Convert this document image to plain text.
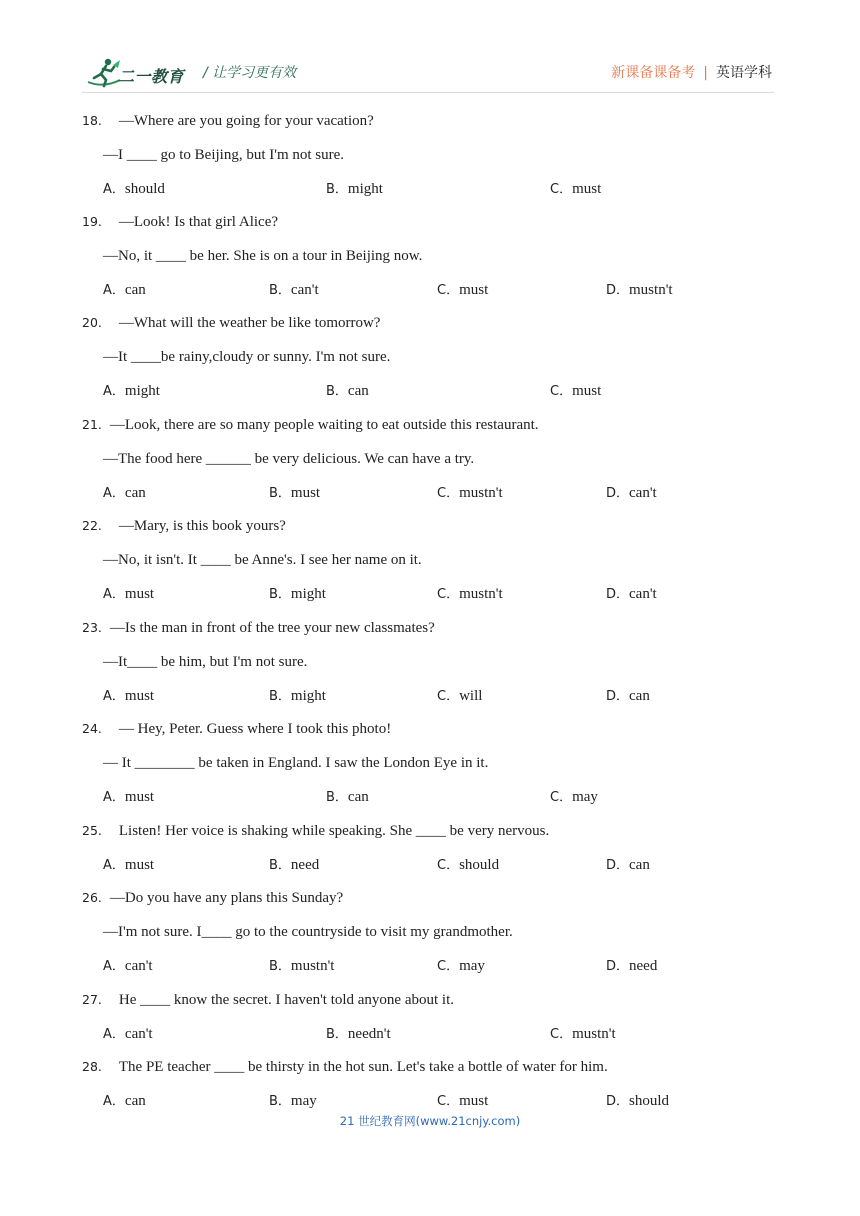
二一教育 / 让学习更有效	新课备课备考 | 英语学科
18. —Where are you going for your vacation?
—I ____ go to Beijing, but I'm not sure.
A．should	B．might	C．must
19. —Look! Is that girl Alice?
—No, it ____ be her. She is on a tour in Beijing now.
A．can	B．can't	C．must	D．mustn't
20. —What will the weather be like tomorrow?
—It ____be rainy,cloudy or sunny. I'm not sure.
A．might	B．can	C．must
21. —Look, there are so many people waiting to eat outside this restaurant.
—The food here ______ be very delicious. We can have a try.
A．can	B．must	C．mustn't	D．can't
22. —Mary, is this book yours?
—No, it isn't. It ____ be Anne's. I see her name on it.
A．must	B．might	C．mustn't	D．can't
23. —Is the man in front of the tree your new classmates?
—It____ be him, but I'm not sure.
A．must	B．might	C．will	D．can
24. — Hey, Peter. Guess where I took this photo!
— It ________ be taken in England. I saw the London Eye in it.
A．must	B．can	C．may
25. Listen! Her voice is shaking while speaking. She ____ be very nervous.
A．must	B．need	C．should	D．can
26. —Do you have any plans this Sunday?
—I'm not sure. I____ go to the countryside to visit my grandmother.
A．can't	B．mustn't	C．may	D．need
27. He ____ know the secret. I haven't told anyone about it.
A．can't	B．needn't	C．mustn't
28. The PE teacher ____ be thirsty in the hot sun. Let's take a bottle of water for him.
A．can	B．may	C．must	D．should
21 世纪教育网(www.21cnjy.com)
